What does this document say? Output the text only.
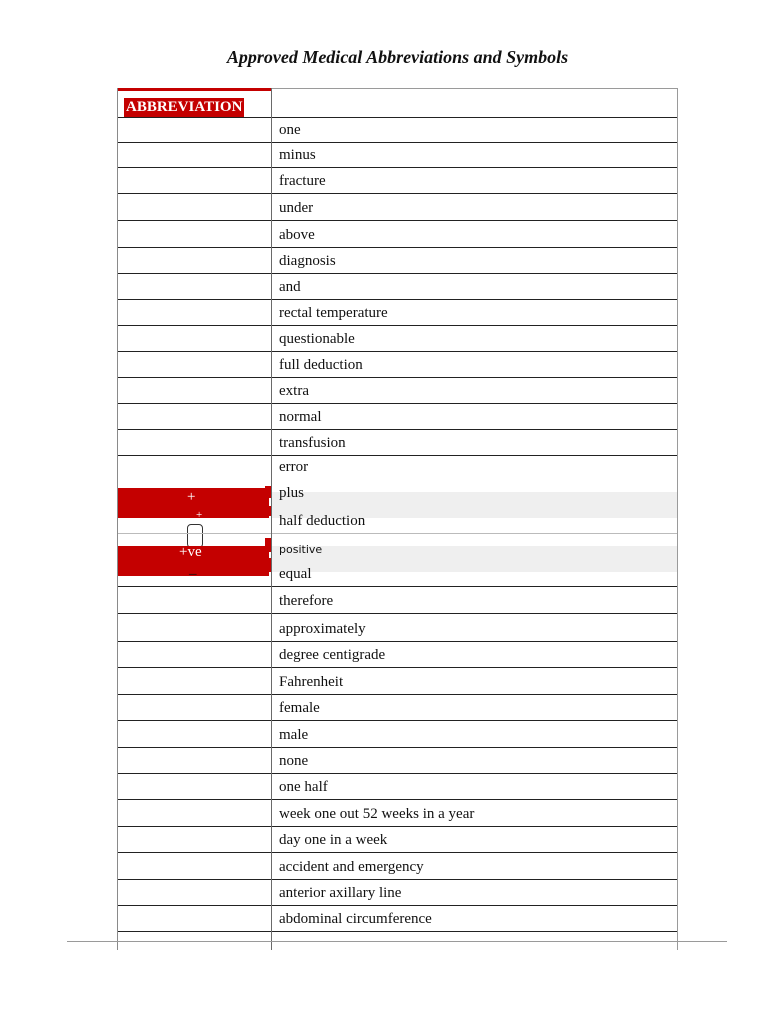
Approved Medical Abbreviations and Symbols
ABBREVIATION
one
minus
fracture
under
above
diagnosis
and
rectal temperature
questionable
full deduction
extra
normal
transfusion
error
+
+
+ve
plus
half deduction
positive
–	equal
therefore
approximately
degree centigrade
Fahrenheit
female
male
none
one half
week one out 52 weeks in a year
day one in a week
accident and emergency
anterior axillary line
abdominal circumference
